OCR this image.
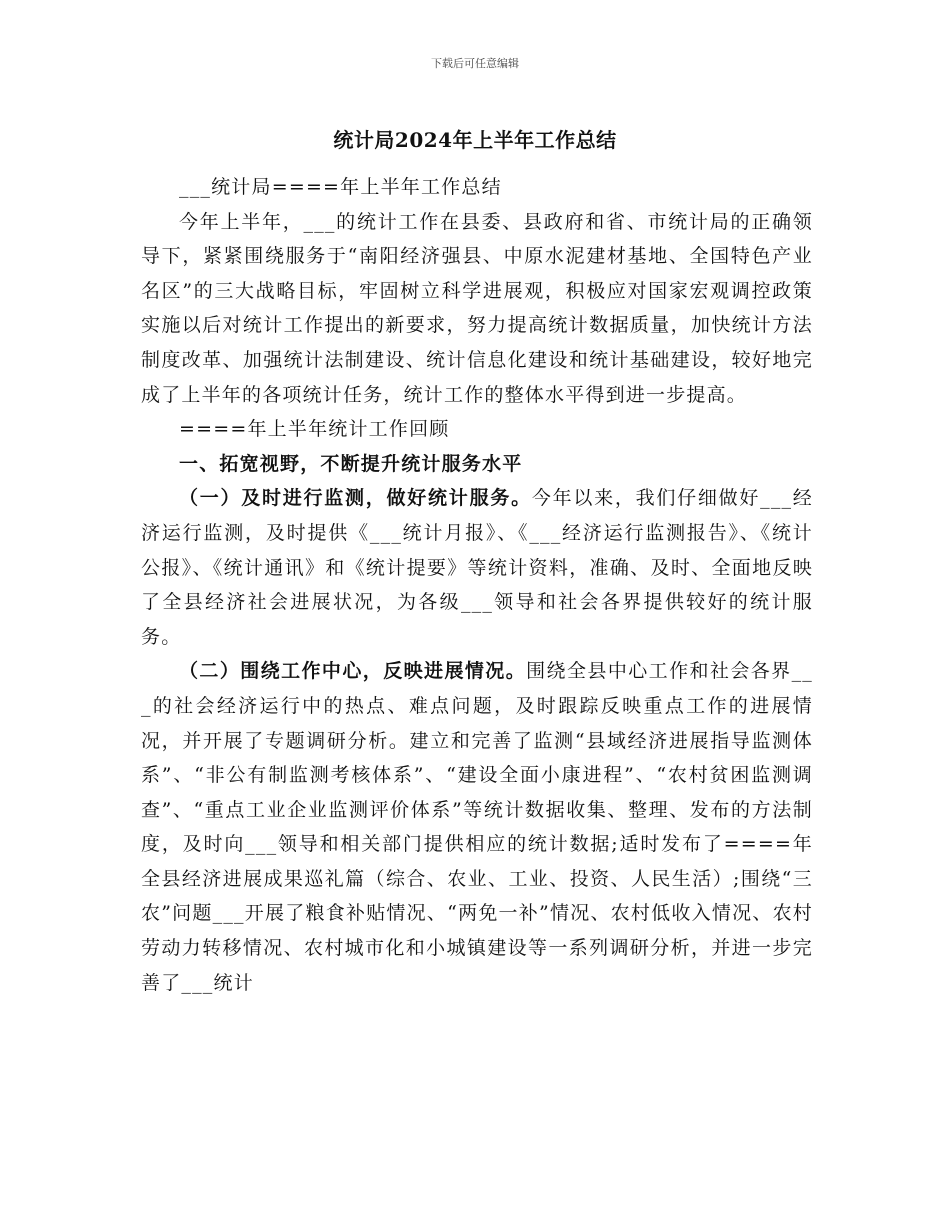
下载后可任意编辑
统计局2024年上半年工作总结

___统计局====年上半年工作总结

今年上半年，___的统计工作在县委、县政府和省、市统计局的正确领导下，紧紧围绕服务于“南阳经济强县、中原水泥建材基地、全国特色产业名区”的三大战略目标，牢固树立科学进展观，积极应对国家宏观调控政策实施以后对统计工作提出的新要求，努力提高统计数据质量，加快统计方法制度改革、加强统计法制建设、统计信息化建设和统计基础建设，较好地完成了上半年的各项统计任务，统计工作的整体水平得到进一步提高。

====年上半年统计工作回顾

一、拓宽视野，不断提升统计服务水平

（一）及时进行监测，做好统计服务。今年以来，我们仔细做好___经济运行监测，及时提供《___统计月报》、《___经济运行监测报告》、《统计公报》、《统计通讯》和《统计提要》等统计资料，准确、及时、全面地反映了全县经济社会进展状况，为各级___领导和社会各界提供较好的统计服务。

（二）围绕工作中心，反映进展情况。围绕全县中心工作和社会各界___的社会经济运行中的热点、难点问题，及时跟踪反映重点工作的进展情况，并开展了专题调研分析。建立和完善了监测“县域经济进展指导监测体系”、“非公有制监测考核体系”、“建设全面小康进程”、“农村贫困监测调查”、“重点工业企业监测评价体系”等统计数据收集、整理、发布的方法制度，及时向___领导和相关部门提供相应的统计数据;适时发布了====年全县经济进展成果巡礼篇（综合、农业、工业、投资、人民生活）;围绕“三农”问题___开展了粮食补贴情况、“两免一补”情况、农村低收入情况、农村劳动力转移情况、农村城市化和小城镇建设等一系列调研分析，并进一步完善了___统计
